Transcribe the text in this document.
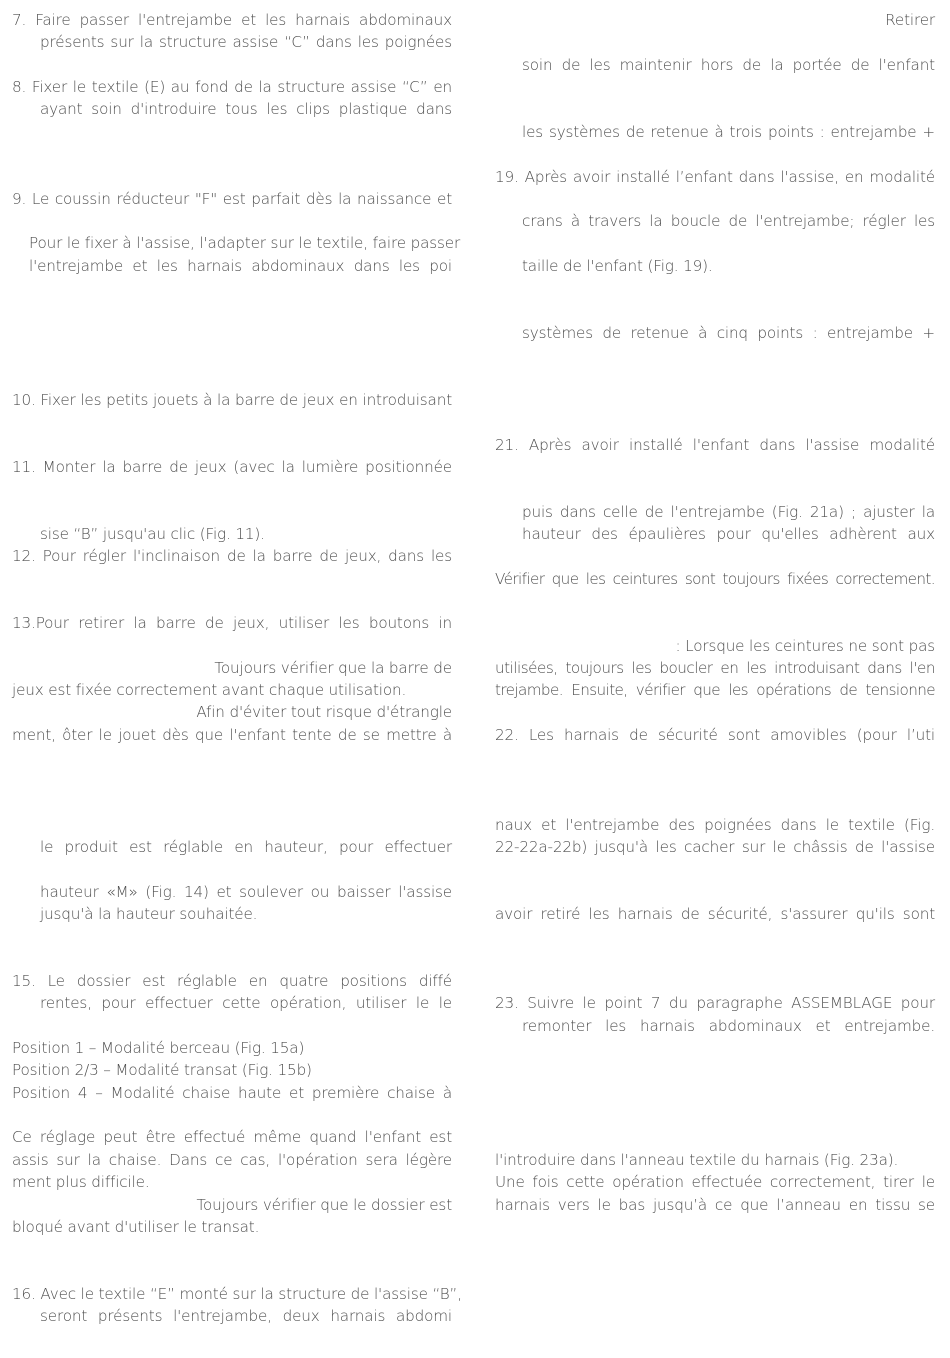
7. Faire passer l'entrejambe et les harnais abdominaux
présents sur la structure assise “C” dans les poignées
8. Fixer le textile (E) au fond de la structure assise “C” en
ayant soin d'introduire tous les clips plastique dans
9. Le coussin réducteur "F" est parfait dès la naissance et
Pour le fixer à l'assise, l'adapter sur le textile, faire passer
l'entrejambe et les harnais abdominaux dans les poi
10. Fixer les petits jouets à la barre de jeux en introduisant
11. Monter la barre de jeux (avec la lumière positionnée
sise “B” jusqu'au clic (Fig. 11).
12. Pour régler l'inclinaison de la barre de jeux, dans les
13.Pour retirer la barre de jeux, utiliser les boutons in
Toujours vérifier que la barre de
jeux est fixée correctement avant chaque utilisation.
Afin d'éviter tout risque d'étrangle
ment, ôter le jouet dès que l'enfant tente de se mettre à
le produit est réglable en hauteur, pour effectuer
hauteur «M» (Fig. 14) et soulever ou baisser l'assise
jusqu'à la hauteur souhaitée.
15. Le dossier est réglable en quatre positions diffé
rentes, pour effectuer cette opération, utiliser le le
Position 1 – Modalité berceau (Fig. 15a)
Position 2/3 – Modalité transat (Fig. 15b)
Position 4 – Modalité chaise haute et première chaise à
Ce réglage peut être effectué même quand l'enfant est
assis sur la chaise. Dans ce cas, l'opération sera légère
ment plus difficile.
Toujours vérifier que le dossier est
bloqué avant d'utiliser le transat.
16. Avec le textile “E” monté sur la structure de l'assise “B”,
seront présents l'entrejambe, deux harnais abdomi
Retirer
soin de les maintenir hors de la portée de l'enfant
les systèmes de retenue à trois points : entrejambe +
19. Après avoir installé l’enfant dans l'assise, en modalité
crans à travers la boucle de l'entrejambe; régler les
taille de l'enfant (Fig. 19).
systèmes de retenue à cinq points : entrejambe +
21. Après avoir installé l'enfant dans l'assise modalité
puis dans celle de l'entrejambe (Fig. 21a) ; ajuster la
hauteur des épaulières pour qu'elles adhèrent aux
Vérifier que les ceintures sont toujours fixées correctement.
: Lorsque les ceintures ne sont pas
utilisées, toujours les boucler en les introduisant dans l'en
trejambe. Ensuite, vérifier que les opérations de tensionne
22. Les harnais de sécurité sont amovibles (pour l’uti
naux et l'entrejambe des poignées dans le textile (Fig.
22-22a-22b) jusqu'à les cacher sur le châssis de l'assise
avoir retiré les harnais de sécurité, s'assurer qu'ils sont
23. Suivre le point 7 du paragraphe ASSEMBLAGE pour
remonter les harnais abdominaux et entrejambe.
l'introduire dans l'anneau textile du harnais (Fig. 23a).
Une fois cette opération effectuée correctement, tirer le
harnais vers le bas jusqu’à ce que l’anneau en tissu se
